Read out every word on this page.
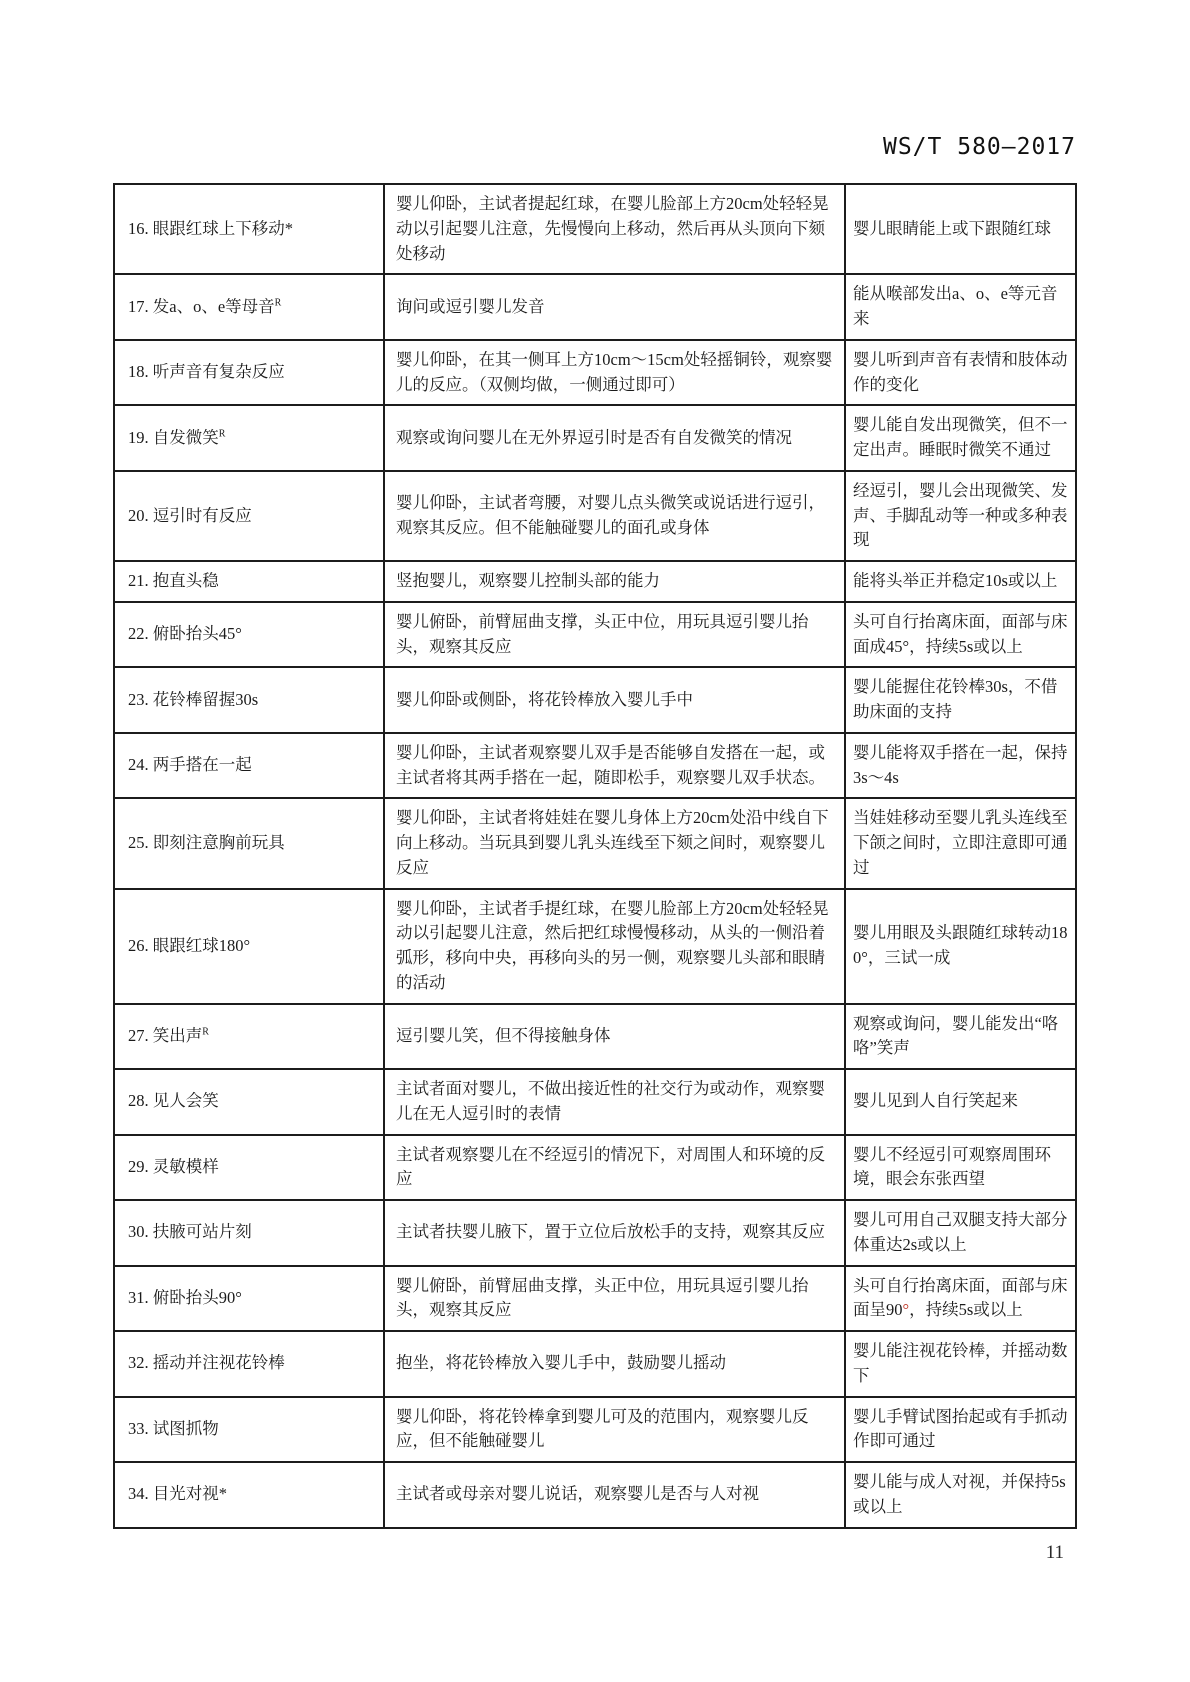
WS/T 580—2017
16. 眼跟红球上下移动*	婴儿仰卧，主试者提起红球，在婴儿脸部上方20cm处轻轻晃动以引起婴儿注意，先慢慢向上移动，然后再从头顶向下颏处移动	婴儿眼睛能上或下跟随红球
17. 发a、o、e等母音$^R$	询问或逗引婴儿发音	能从喉部发出a、o、e等元音来
18. 听声音有复杂反应	婴儿仰卧，在其一侧耳上方10cm～15cm处轻摇铜铃，观察婴儿的反应。（双侧均做，一侧通过即可）	婴儿听到声音有表情和肢体动作的变化
19. 自发微笑$^R$	观察或询问婴儿在无外界逗引时是否有自发微笑的情况	婴儿能自发出现微笑，但不一定出声。睡眠时微笑不通过
20. 逗引时有反应	婴儿仰卧，主试者弯腰，对婴儿点头微笑或说话进行逗引，观察其反应。但不能触碰婴儿的面孔或身体	经逗引，婴儿会出现微笑、发声、手脚乱动等一种或多种表现
21. 抱直头稳	竖抱婴儿，观察婴儿控制头部的能力	能将头举正并稳定10s或以上
22. 俯卧抬头45°	婴儿俯卧，前臂屈曲支撑，头正中位，用玩具逗引婴儿抬头，观察其反应	头可自行抬离床面，面部与床面成45°，持续5s或以上
23. 花铃棒留握30s	婴儿仰卧或侧卧，将花铃棒放入婴儿手中	婴儿能握住花铃棒30s，不借助床面的支持
24. 两手搭在一起	婴儿仰卧，主试者观察婴儿双手是否能够自发搭在一起，或主试者将其两手搭在一起，随即松手，观察婴儿双手状态。	婴儿能将双手搭在一起，保持3s～4s
25. 即刻注意胸前玩具	婴儿仰卧，主试者将娃娃在婴儿身体上方20cm处沿中线自下向上移动。当玩具到婴儿乳头连线至下颏之间时，观察婴儿反应	当娃娃移动至婴儿乳头连线至下颌之间时，立即注意即可通过
26. 眼跟红球180°	婴儿仰卧，主试者手提红球，在婴儿脸部上方20cm处轻轻晃动以引起婴儿注意，然后把红球慢慢移动，从头的一侧沿着弧形，移向中央，再移向头的另一侧，观察婴儿头部和眼睛的活动	婴儿用眼及头跟随红球转动180°，三试一成
27. 笑出声$^R$	逗引婴儿笑，但不得接触身体	观察或询问，婴儿能发出“咯咯”笑声
28. 见人会笑	主试者面对婴儿，不做出接近性的社交行为或动作，观察婴儿在无人逗引时的表情	婴儿见到人自行笑起来
29. 灵敏模样	主试者观察婴儿在不经逗引的情况下，对周围人和环境的反应	婴儿不经逗引可观察周围环境，眼会东张西望
30. 扶腋可站片刻	主试者扶婴儿腋下，置于立位后放松手的支持，观察其反应	婴儿可用自己双腿支持大部分体重达2s或以上
31. 俯卧抬头90°	婴儿俯卧，前臂屈曲支撑，头正中位，用玩具逗引婴儿抬头，观察其反应	头可自行抬离床面，面部与床面呈90°，持续5s或以上
32. 摇动并注视花铃棒	抱坐，将花铃棒放入婴儿手中，鼓励婴儿摇动	婴儿能注视花铃棒，并摇动数下
33. 试图抓物	婴儿仰卧，将花铃棒拿到婴儿可及的范围内，观察婴儿反应，但不能触碰婴儿	婴儿手臂试图抬起或有手抓动作即可通过
34. 目光对视*	主试者或母亲对婴儿说话，观察婴儿是否与人对视	婴儿能与成人对视，并保持5s或以上
11
